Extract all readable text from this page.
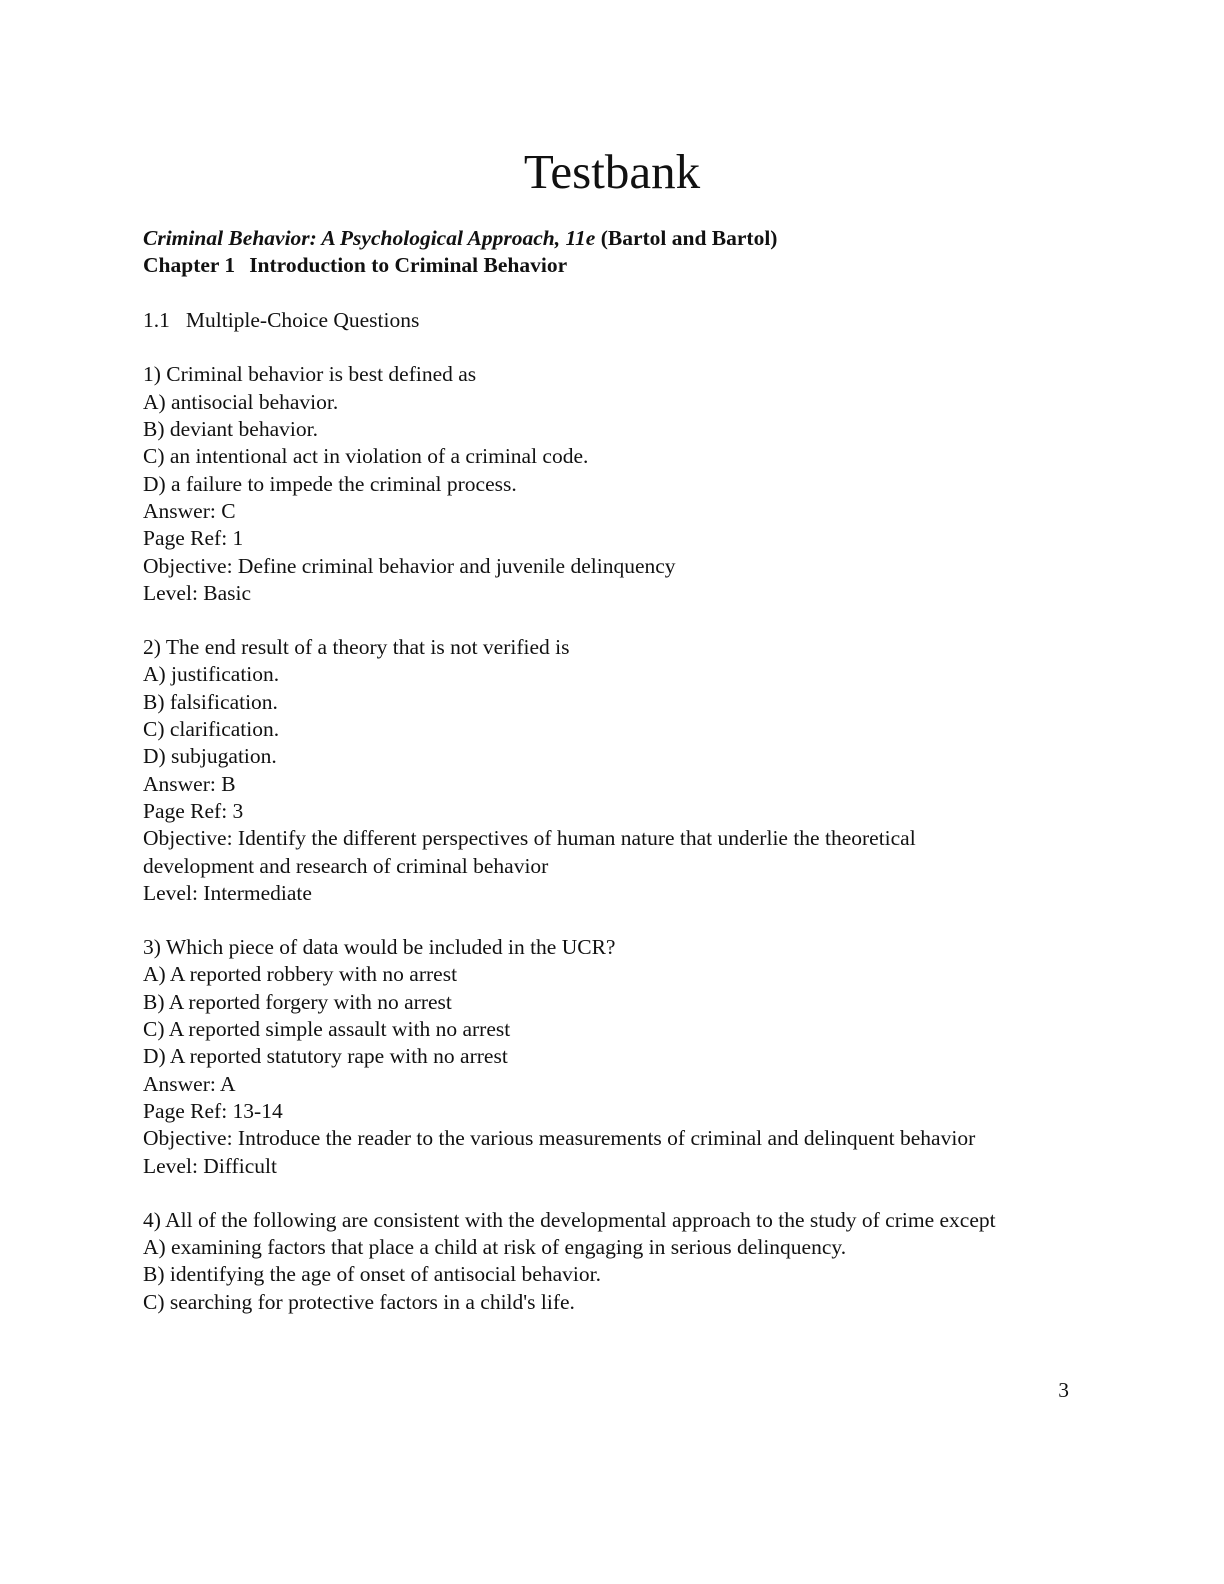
Testbank
Criminal Behavior: A Psychological Approach, 11e (Bartol and Bartol)
Chapter 1 Introduction to Criminal Behavior
1.1 Multiple-Choice Questions
1) Criminal behavior is best defined as
A) antisocial behavior.
B) deviant behavior.
C) an intentional act in violation of a criminal code.
D) a failure to impede the criminal process.
Answer: C
Page Ref: 1
Objective: Define criminal behavior and juvenile delinquency
Level: Basic
2) The end result of a theory that is not verified is
A) justification.
B) falsification.
C) clarification.
D) subjugation.
Answer: B
Page Ref: 3
Objective: Identify the different perspectives of human nature that underlie the theoretical development and research of criminal behavior
Level: Intermediate
3) Which piece of data would be included in the UCR?
A) A reported robbery with no arrest
B) A reported forgery with no arrest
C) A reported simple assault with no arrest
D) A reported statutory rape with no arrest
Answer: A
Page Ref: 13-14
Objective: Introduce the reader to the various measurements of criminal and delinquent behavior
Level: Difficult
4) All of the following are consistent with the developmental approach to the study of crime except
A) examining factors that place a child at risk of engaging in serious delinquency.
B) identifying the age of onset of antisocial behavior.
C) searching for protective factors in a child's life.
3
